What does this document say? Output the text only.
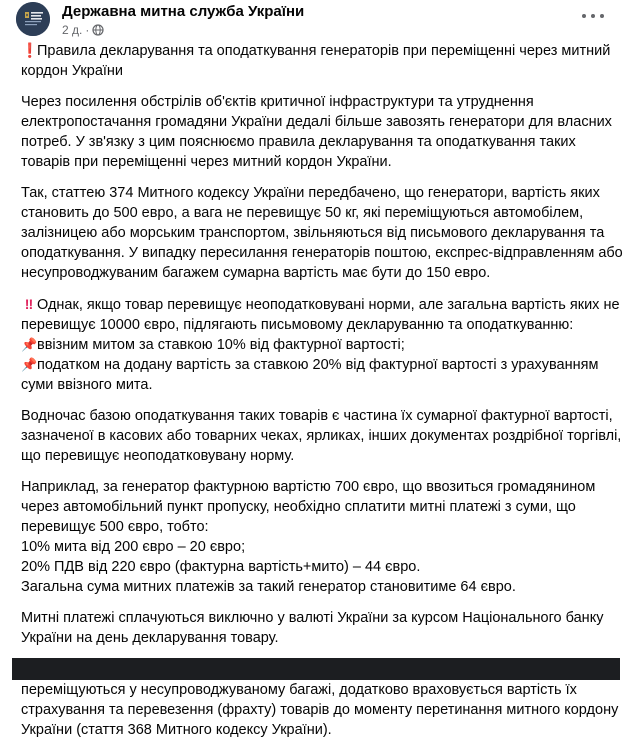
Державна митна служба України
2 д. ·

❗Правила декларування та оподаткування генераторів при переміщенні через митний
кордон України

Через посилення обстрілів об'єктів критичної інфраструктури та утруднення
електропостачання громадяни України дедалі більше завозять генератори для власних
потреб. У зв'язку з цим пояснюємо правила декларування та оподаткування таких
товарів при переміщенні через митний кордон України.

Так, статтею 374 Митного кодексу України передбачено, що генератори, вартість яких
становить до 500 евро, а вага не перевищує 50 кг, які переміщуються автомобілем,
залізницею або морським транспортом, звільняються від письмового декларування та
оподаткування. У випадку пересилання генераторів поштою, експрес-відправленням або
несупроводжуваним багажем сумарна вартість має бути до 150 евро.

‼ Однак, якщо товар перевищує неоподатковувані норми, але загальна вартість яких не
перевищує 10000 євро, підлягають письмовому декларуванню та оподаткуванню:
📌ввізним митом за ставкою 10% від фактурної вартості;
📌податком на додану вартість за ставкою 20% від фактурної вартості з урахуванням
суми ввізного мита.

Водночас базою оподаткування таких товарів є частина їх сумарної фактурної вартості,
зазначеної в касових або товарних чеках, ярликах, інших документах роздрібної торгівлі,
що перевищує неоподатковувану норму.

Наприклад, за генератор фактурною вартістю 700 євро, що ввозиться громадянином
через автомобільний пункт пропуску, необхідно сплатити митні платежі з суми, що
перевищує 500 євро, тобто:
10% мита від 200 євро – 20 євро;
20% ПДВ від 220 євро (фактурна вартість+мито) – 44 євро.
Загальна сума митних платежів за такий генератор становитиме 64 євро.

Митні платежі сплачуються виключно у валюті України за курсом Національного банку
України на день декларування товару.

переміщуються у несупроводжуваному багажі, додатково враховується вартість їх
страхування та перевезення (фрахту) товарів до моменту перетинання митного кордону
України (стаття 368 Митного кодексу України).
